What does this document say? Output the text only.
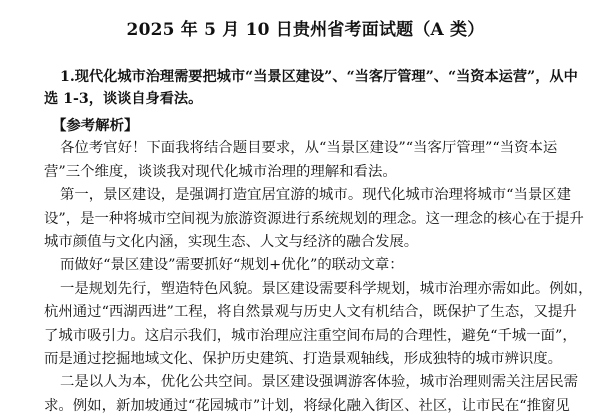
2025 年 5 月 10 日贵州省考面试题（A 类）
1.现代化城市治理需要把城市“当景区建设”、“当客厅管理”、“当资本运营”，从中选 1-3，谈谈自身看法。
【参考解析】
各位考官好！下面我将结合题目要求，从“当景区建设”“当客厅管理”“当资本运
营”三个维度，谈谈我对现代化城市治理的理解和看法。
第一，景区建设，是强调打造宜居宜游的城市。现代化城市治理将城市“当景区建
设”，是一种将城市空间视为旅游资源进行系统规划的理念。这一理念的核心在于提升
城市颜值与文化内涵，实现生态、人文与经济的融合发展。
而做好“景区建设”需要抓好“规划+优化”的联动文章：
一是规划先行，塑造特色风貌。景区建设需要科学规划，城市治理亦需如此。例如，
杭州通过“西湖西进”工程，将自然景观与历史人文有机结合，既保护了生态，又提升
了城市吸引力。这启示我们，城市治理应注重空间布局的合理性，避免“千城一面”，
而是通过挖掘地域文化、保护历史建筑、打造景观轴线，形成独特的城市辨识度。
二是以人为本，优化公共空间。景区建设强调游客体验，城市治理则需关注居民需
求。例如，新加坡通过“花园城市”计划，将绿化融入街区、社区，让市民在“推窗见
